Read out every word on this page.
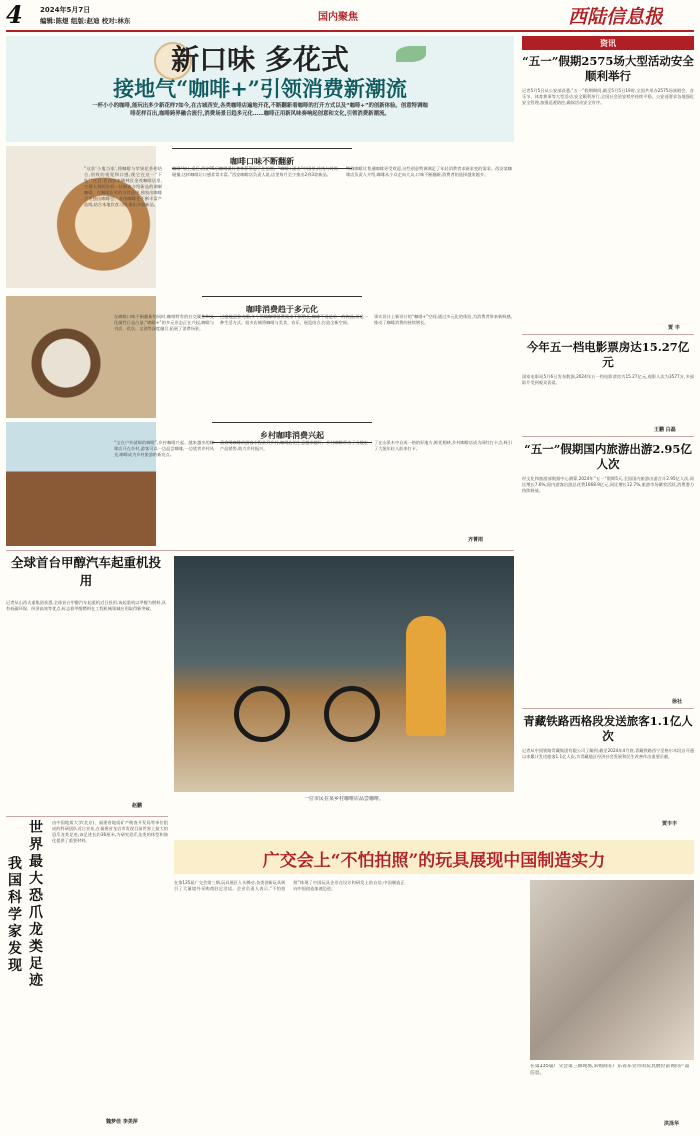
4 2024年5月7日
编辑:陈煜 组版:赵迪 校对:林东	国内聚焦	西陆信息报
新口味 多花式
接地气“咖啡+”引领消费新潮流
一杯小小的咖啡,能玩出多少新花样?如今,在古城西安,各类咖啡店遍地开花,不断翻新着咖啡的打开方式以及“咖啡+”的创新体验。创意特调咖啡花样百出,咖啡跨界融合流行,消费场景日趋多元化……咖啡正用新风味奏响起创意和文化,引领消费新潮流。
咖啡口味不断翻新
“这款‘小鬼当家’,将咖啡与苹果花茶相结合,别致的视觉和口感,使它在这一“下坠”“区目,在西安市碑林区金茂咖啡店里,主理人刘明告诉一位顾客介绍新品的调制咖啡。在咖啡店里的各饮品中,独家出咖啡豆更独出咖啡豆。金茂咖啡在不断丰富产品线,结合本地饮食习惯,推出多款新品。
咖啡“加上桌后,西安95后咖啡爱好者李菲菲忍不住拍照。“咖啡+面点”中国茶,传统与时尚碰撞,这样咖啡让口感非常丰富。”西安咖啡店负责人说,店里每月至少推出2到3款新品。
特调咖啡比普通咖啡更受欢迎,这些创意特调满足了年轻消费者求新求变的需求。西安某咖啡店负责人介绍,咖啡从小众走向大众,口味不断翻新,消费者的选择越来越多。
咖啡消费趋于多元化
在咖啡口味不断翻新的同时,咖啡特有的社交属性和文化属性日益凸显,“咖啡+”的多元业态正在兴起,咖啡与书店、花店、文创等深度融合,拓展了消费场景。
过度地迎着大潮,多个领域咖啡消费需求不断增长,咖啡不再是单一的饮品,而是一种生活方式。很多店铺将咖啡与美食、音乐、展览结合,打造全新空间。
事实设计上新设计的“咖啡+”空间,通过多元化的体验,为消费者带来新鲜感,推动了咖啡消费的持续增长。
乡村咖啡消费兴起
“宝在户外就喝的咖啡”,乡村咖啡兴起。越来越多的咖啡店开在乡村,游客可以一边品尝咖啡,一边欣赏乡村风光,咖啡成为乡村旅游的新亮点。
喜欢喝咖啡的游客专程来到乡村,咖啡店的生意越来越好。乡村咖啡带动了当地农产品销售,助力乡村振兴。
了在山景木中自成一格的好地方,鲜花相映,乡村咖啡店成为网红打卡点,吸引了大批年轻人前来打卡。
齐菁雨
全球首台甲醇汽车起重机投用
记者从山西太重集团获悉,全球首台甲醇汽车起重机近日投用,该起重机以甲醇为燃料,具有低碳环保、经济高效等优点,标志着甲醇燃料在工程机械领域应用取得新突破。
赵鹏
一位市民在某乡村咖啡店品尝咖啡。
世界最大恐爪龙类足迹
我国科学家发现
由中国地质大学(北京)、福建省地质矿产勘查开发局等单位组成的科研团队近日宣布,在福建省龙岩市发现目前世界上最大的恐爪龙类足迹,该足迹长约36厘米,为研究恐爪龙类的体型和演化提供了重要材料。
魏梦佳 李美萍
广交会上“不怕拍照”的玩具展现中国制造实力
在第135届广交会第三期,玩具展区人头攒动,各类创新玩具吸引了大量境外采购商驻足洽谈。企业负责人表示,“不怕拍照”体现了中国玩具企业在设计和研发上的自信,中国制造正向中国创造加速迈进。
在第135届广交会第三期现场,采购商在广东省东莞市的玩具展位前询问产品信息。
洪泽华
资讯
“五一”假期2575场大型活动安全顺利举行
记者5月5日从公安部获悉,“五一”假期期间,截至5月5日19时,全国共举办2575场演唱会、音乐节、体育赛事等大型活动,安全顺利举行,全国社会治安秩序持续平稳。公安部要求各地强化安全管理,加强巡逻防控,确保活动安全有序。
贾 丰
今年五一档电影票房达15.27亿元
国家电影局5月6日发布数据,2024年五一档电影票房为15.27亿元,观影人次为3577万,多部影片受到观众喜爱。
王鹏 白磊
“五一”假期国内旅游出游2.95亿人次
经文化和旅游部数据中心测算,2024年“五一”假期5天,全国国内旅游出游合计2.95亿人次,同比增长7.6%;国内游客出游总花费1668.9亿元,同比增长12.7%,旅游市场繁荣活跃,消费潜力持续释放。
徐社
青藏铁路西格段发送旅客1.1亿人次
记者从中国铁路青藏集团有限公司了解到,截至2024年4月底,青藏铁路西宁至格尔木段自开通以来累计发送旅客1.1亿人次,为青藏地区经济社会发展和民生改善作出重要贡献。
贾丰丰
